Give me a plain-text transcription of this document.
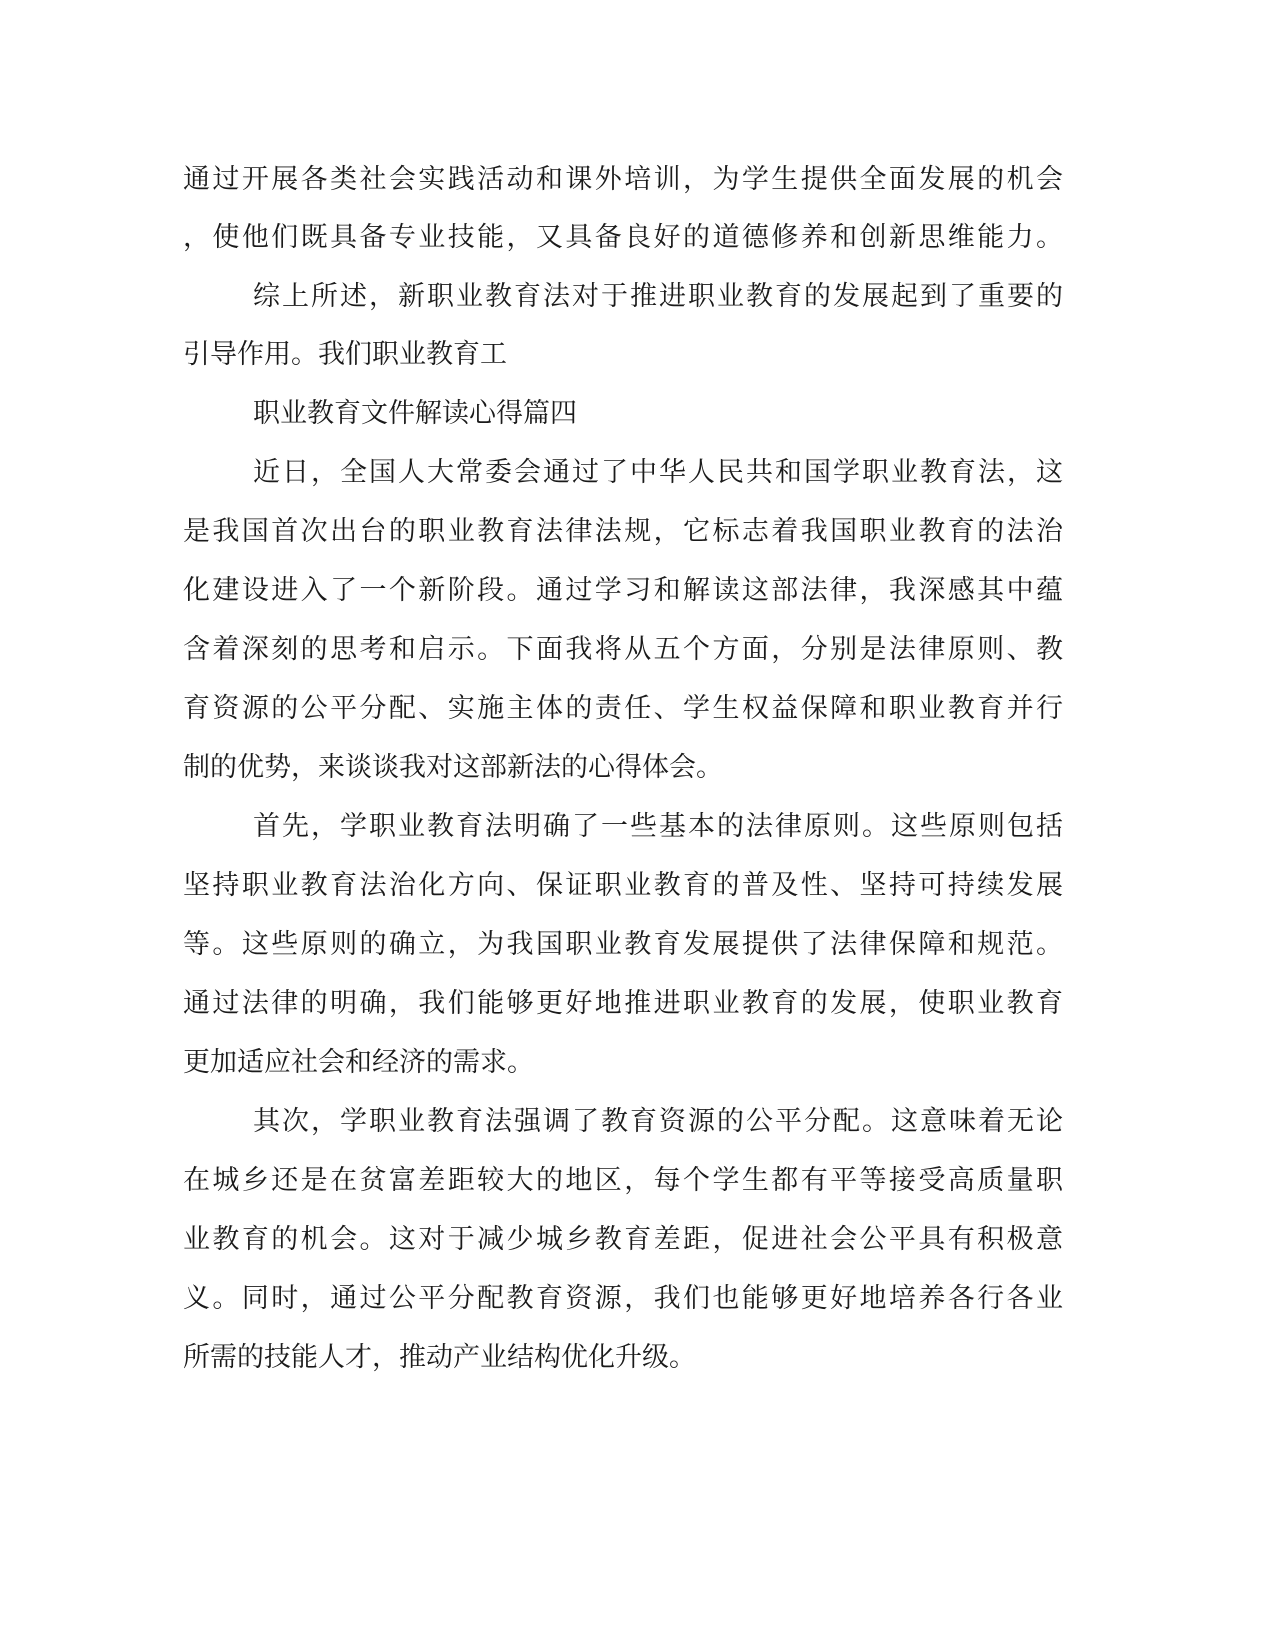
通过开展各类社会实践活动和课外培训，为学生提供全面发展的机会

，使他们既具备专业技能，又具备良好的道德修养和创新思维能力。

综上所述，新职业教育法对于推进职业教育的发展起到了重要的

引导作用。我们职业教育工

职业教育文件解读心得篇四

近日，全国人大常委会通过了中华人民共和国学职业教育法，这

是我国首次出台的职业教育法律法规，它标志着我国职业教育的法治

化建设进入了一个新阶段。通过学习和解读这部法律，我深感其中蕴

含着深刻的思考和启示。下面我将从五个方面，分别是法律原则、教

育资源的公平分配、实施主体的责任、学生权益保障和职业教育并行

制的优势，来谈谈我对这部新法的心得体会。

首先，学职业教育法明确了一些基本的法律原则。这些原则包括

坚持职业教育法治化方向、保证职业教育的普及性、坚持可持续发展

等。这些原则的确立，为我国职业教育发展提供了法律保障和规范。

通过法律的明确，我们能够更好地推进职业教育的发展，使职业教育

更加适应社会和经济的需求。

其次，学职业教育法强调了教育资源的公平分配。这意味着无论

在城乡还是在贫富差距较大的地区，每个学生都有平等接受高质量职

业教育的机会。这对于减少城乡教育差距，促进社会公平具有积极意

义。同时，通过公平分配教育资源，我们也能够更好地培养各行各业

所需的技能人才，推动产业结构优化升级。
